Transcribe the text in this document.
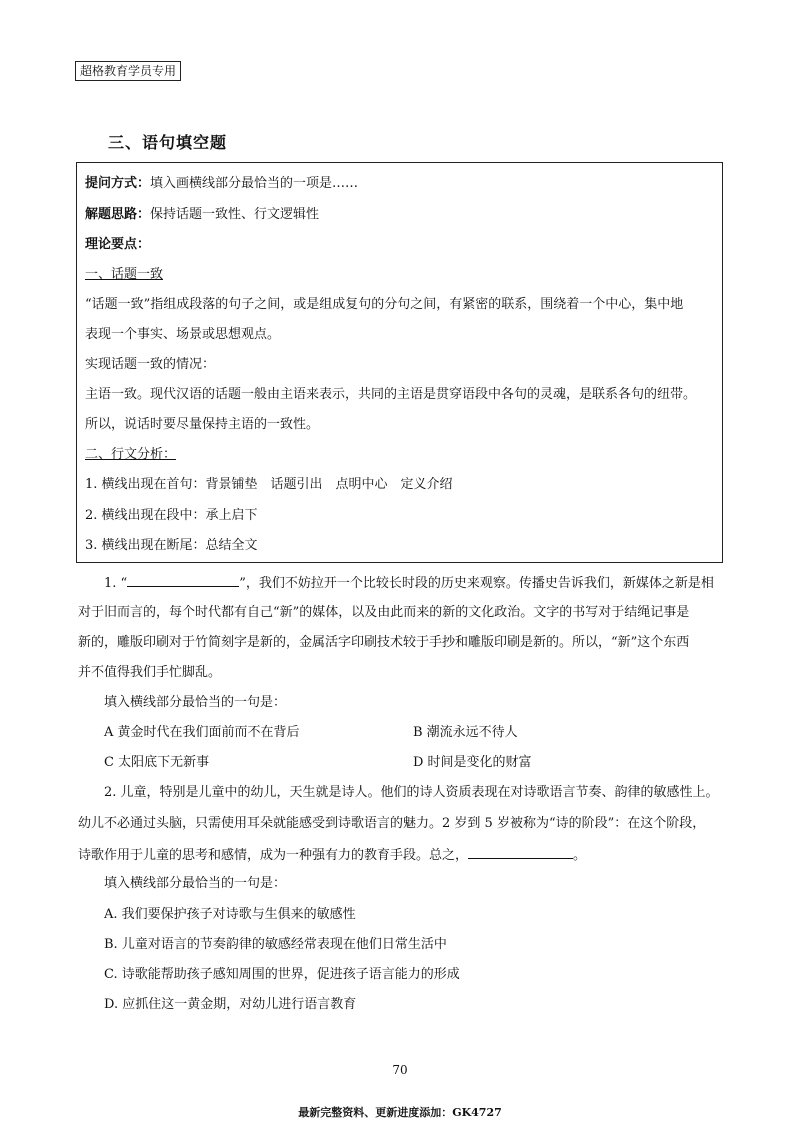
超格教育学员专用
三、语句填空题
提问方式：填入画横线部分最恰当的一项是……
解题思路：保持话题一致性、行文逻辑性
理论要点：
一、话题一致
“话题一致”指组成段落的句子之间，或是组成复句的分句之间，有紧密的联系，围绕着一个中心，集中地
表现一个事实、场景或思想观点。
实现话题一致的情况：
主语一致。现代汉语的话题一般由主语来表示，共同的主语是贯穿语段中各句的灵魂，是联系各句的纽带。
所以，说话时要尽量保持主语的一致性。
二、行文分析：
1. 横线出现在首句：背景铺垫　话题引出　点明中心　定义介绍
2. 横线出现在段中：承上启下
3. 横线出现在断尾：总结全文
1. “	”，我们不妨拉开一个比较长时段的历史来观察。传播史告诉我们，新媒体之新是相
对于旧而言的，每个时代都有自己“新”的媒体，以及由此而来的新的文化政治。文字的书写对于结绳记事是
新的，雕版印刷对于竹简刻字是新的，金属活字印刷技术较于手抄和雕版印刷是新的。所以，“新”这个东西
并不值得我们手忙脚乱。
填入横线部分最恰当的一句是：
A 黄金时代在我们面前而不在背后	B 潮流永远不待人
C 太阳底下无新事	D 时间是变化的财富
2. 儿童，特别是儿童中的幼儿，天生就是诗人。他们的诗人资质表现在对诗歌语言节奏、韵律的敏感性上。
幼儿不必通过头脑，只需使用耳朵就能感受到诗歌语言的魅力。2 岁到 5 岁被称为“诗的阶段”：在这个阶段，
诗歌作用于儿童的思考和感情，成为一种强有力的教育手段。总之，	。
填入横线部分最恰当的一句是：
A. 我们要保护孩子对诗歌与生俱来的敏感性
B. 儿童对语言的节奏韵律的敏感经常表现在他们日常生活中
C. 诗歌能帮助孩子感知周围的世界，促进孩子语言能力的形成
D. 应抓住这一黄金期，对幼儿进行语言教育
70
最新完整资料、更新进度添加：GK4727
